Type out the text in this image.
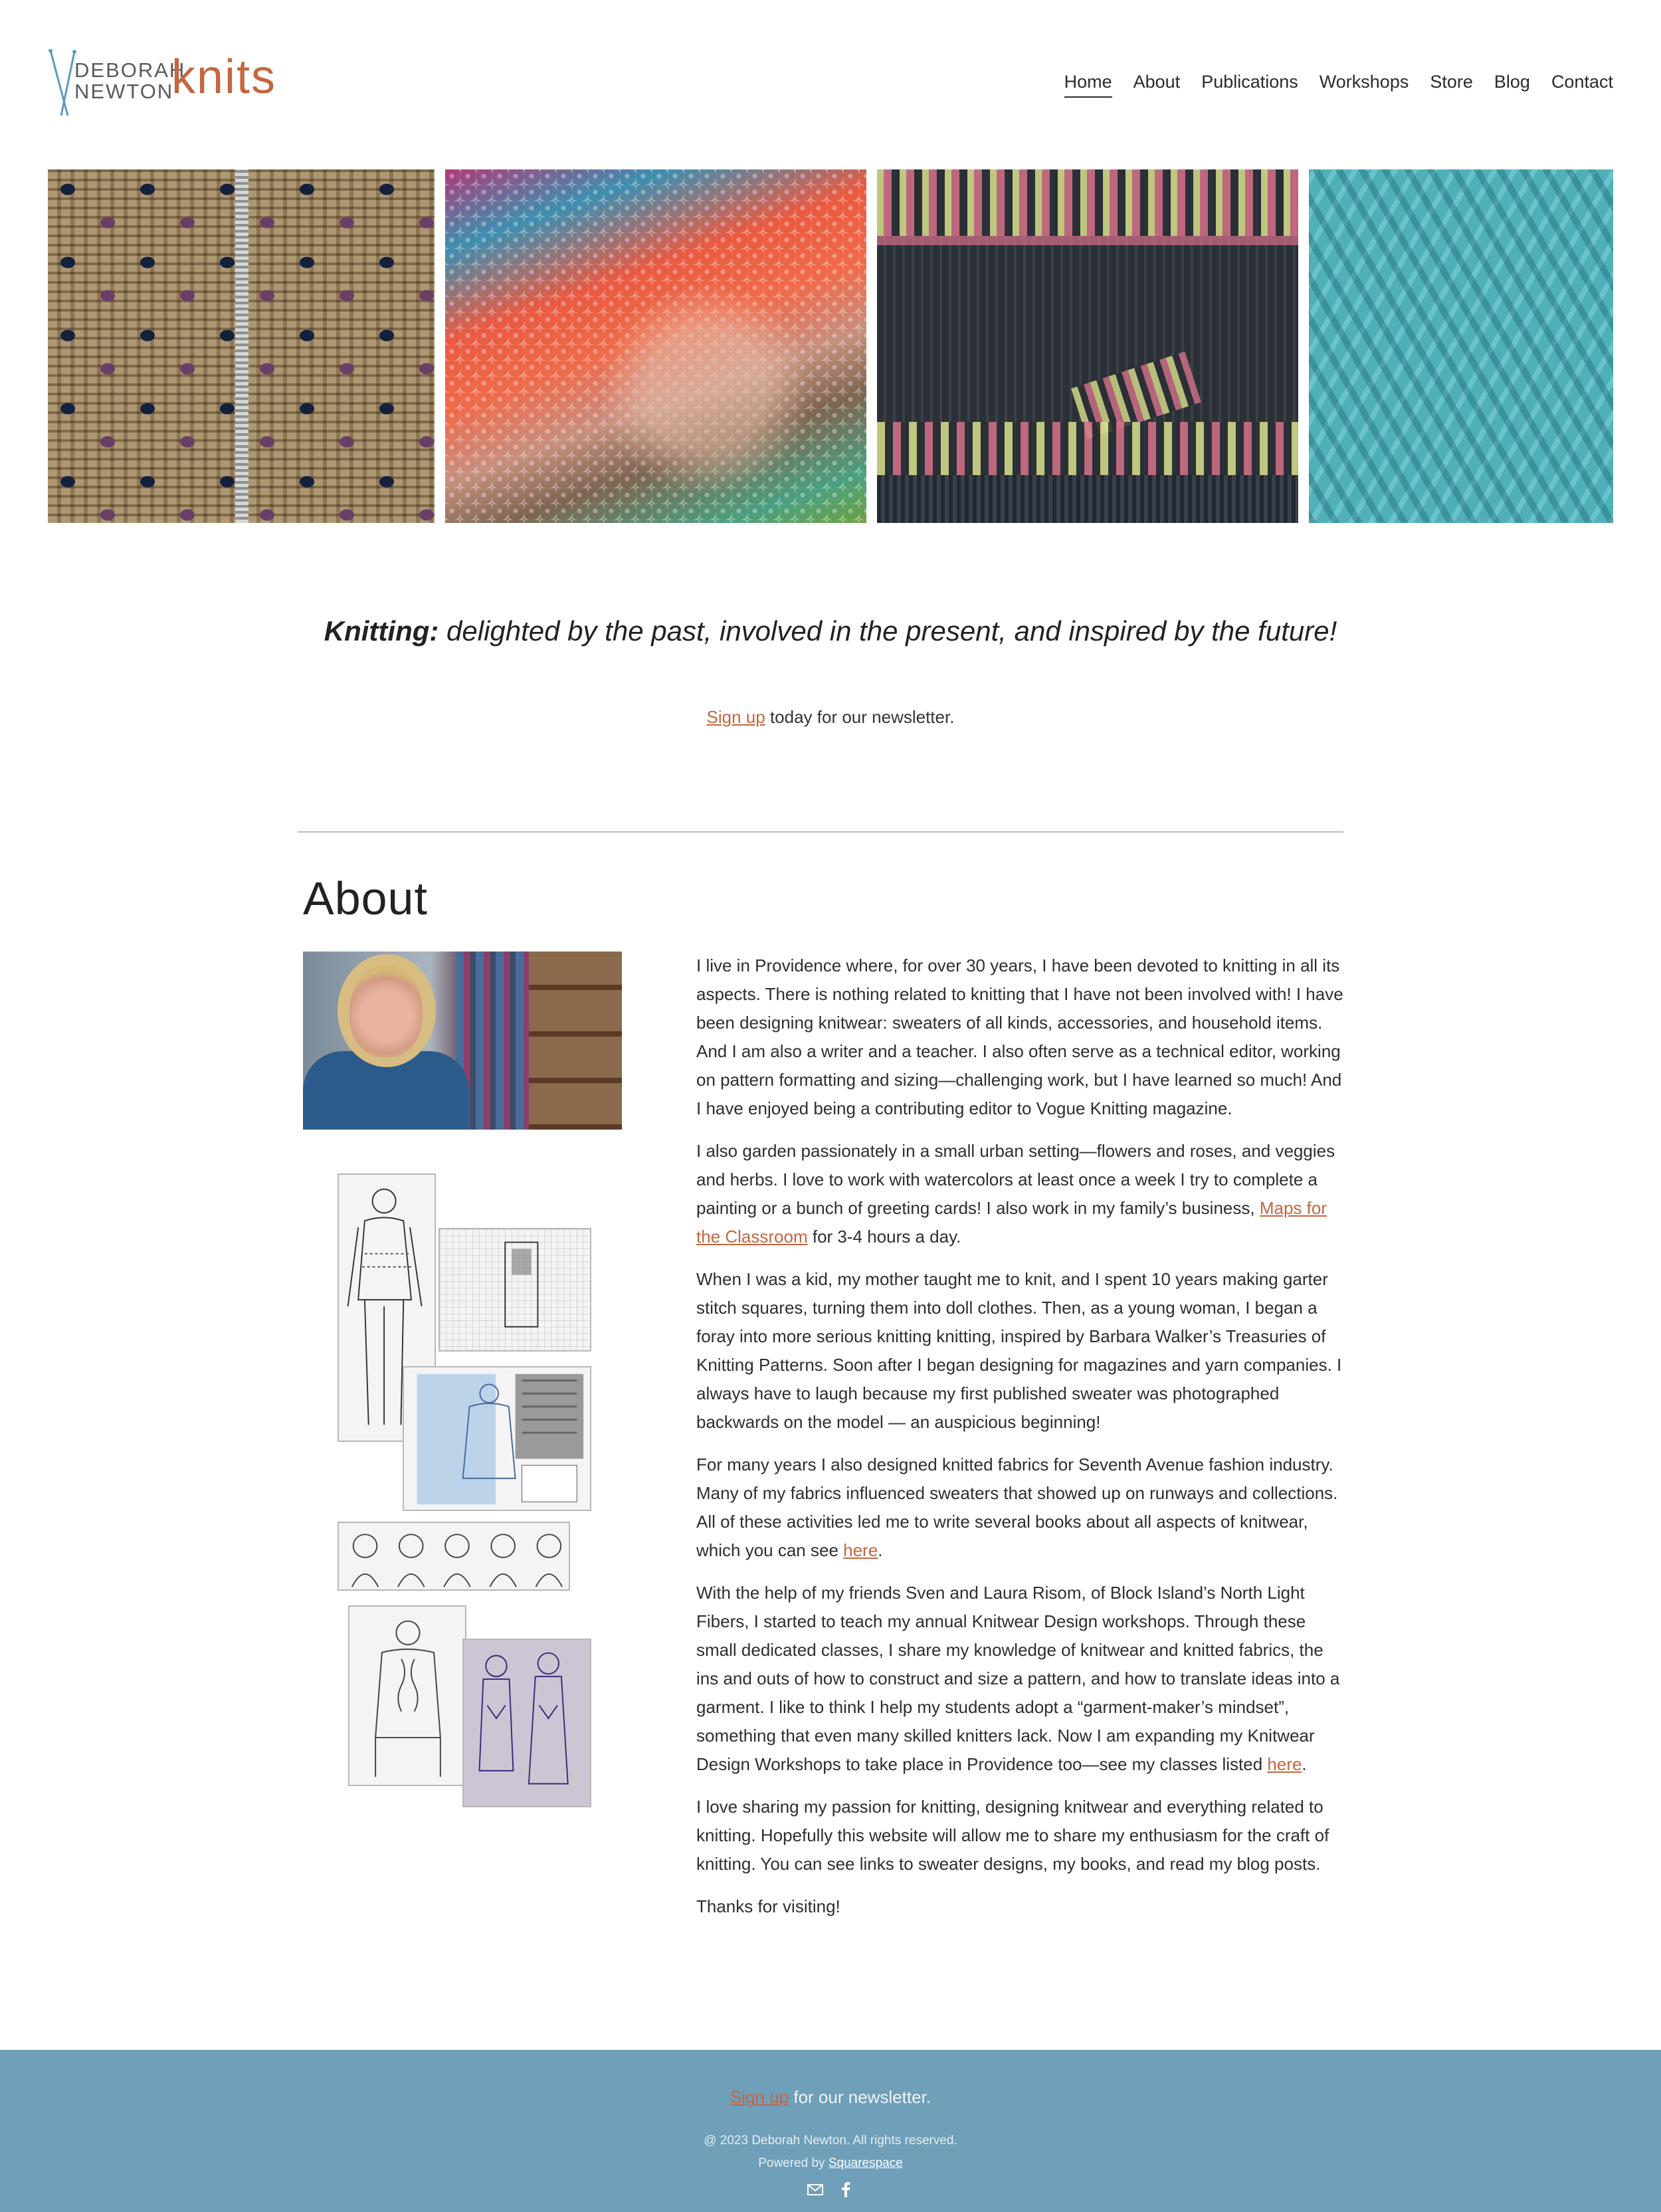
DEBORAH
NEWTON
knits	Home About Publications Workshops Store Blog Contact
Knitting: delighted by the past, involved in the present, and inspired by the future!
Sign up today for our newsletter.
About

I live in Providence where, for over 30 years, I have been devoted to knitting in all its aspects. There is nothing related to knitting that I have not been involved with! I have been designing knitwear: sweaters of all kinds, accessories, and household items. And I am also a writer and a teacher. I also often serve as a technical editor, working on pattern formatting and sizing—challenging work, but I have learned so much! And I have enjoyed being a contributing editor to Vogue Knitting magazine.

I also garden passionately in a small urban setting—flowers and roses, and veggies and herbs. I love to work with watercolors at least once a week I try to complete a painting or a bunch of greeting cards! I also work in my family’s business, Maps for the Classroom for 3-4 hours a day.

When I was a kid, my mother taught me to knit, and I spent 10 years making garter stitch squares, turning them into doll clothes. Then, as a young woman, I began a foray into more serious knitting knitting, inspired by Barbara Walker’s Treasuries of Knitting Patterns. Soon after I began designing for magazines and yarn companies. I always have to laugh because my first published sweater was photographed backwards on the model — an auspicious beginning!

For many years I also designed knitted fabrics for Seventh Avenue fashion industry. Many of my fabrics influenced sweaters that showed up on runways and collections. All of these activities led me to write several books about all aspects of knitwear, which you can see here.

With the help of my friends Sven and Laura Risom, of Block Island’s North Light Fibers, I started to teach my annual Knitwear Design workshops. Through these small dedicated classes, I share my knowledge of knitwear and knitted fabrics, the ins and outs of how to construct and size a pattern, and how to translate ideas into a garment. I like to think I help my students adopt a “garment-maker’s mindset”, something that even many skilled knitters lack. Now I am expanding my Knitwear Design Workshops to take place in Providence too—see my classes listed here.

I love sharing my passion for knitting, designing knitwear and everything related to knitting. Hopefully this website will allow me to share my enthusiasm for the craft of knitting. You can see links to sweater designs, my books, and read my blog posts.

Thanks for visiting!

Sign up for our newsletter.
@ 2023 Deborah Newton. All rights reserved.
Powered by Squarespace
